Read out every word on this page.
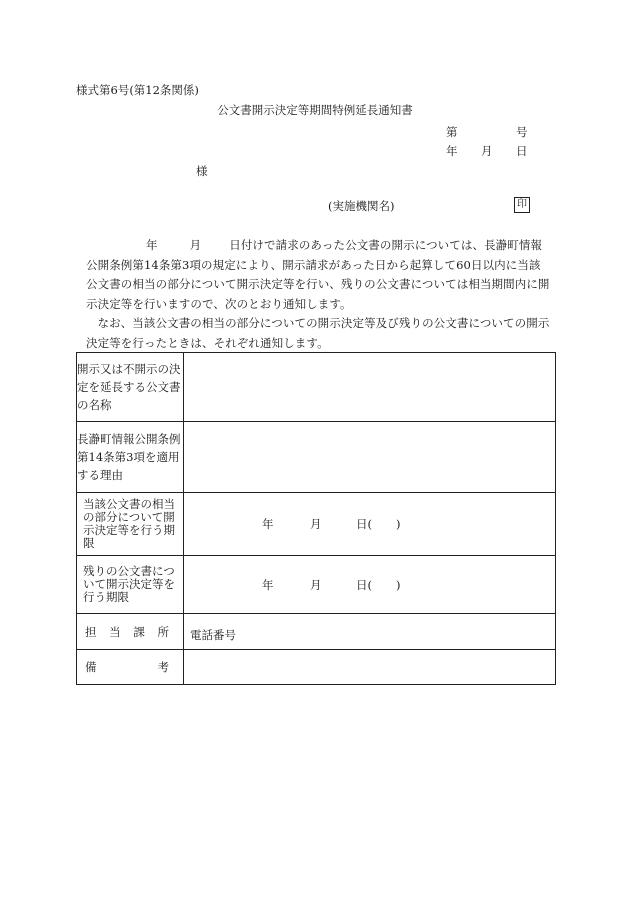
様式第6号(第12条関係)
公文書開示決定等期間特例延長通知書
第	号
年 月 日
様
(実施機関名)	印

年	月 日付けで請求のあった公文書の開示については、長瀞町情報公開条例第14条第3項の規定により、開示請求があった日から起算して60日以内に当該公文書の相当の部分について開示決定等を行い、残りの公文書については相当期間内に開示決定等を行いますので、次のとおり通知します。

なお、当該公文書の相当の部分についての開示決定等及び残りの公文書についての開示決定等を行ったときは、それぞれ通知します。

開示又は不開示の決定を延長する公文書の名称	
長瀞町情報公開条例第14条第3項を適用する理由	
当該公文書の相当の部分について開示決定等を行う期限	年 月 日( )

残りの公文書について開示決定等を行う期限	年 月 日( )

担当課所	電話番号

備考	
